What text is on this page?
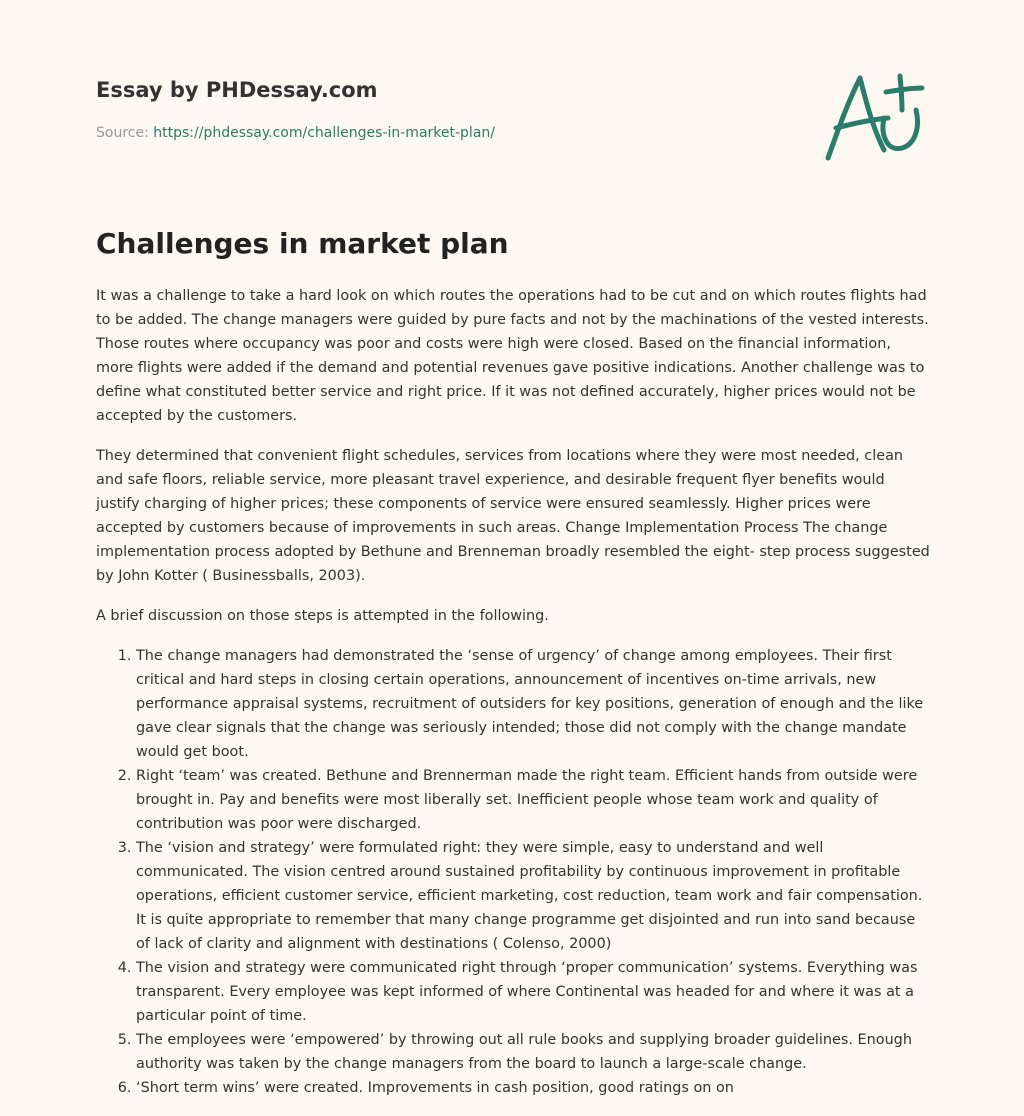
Essay by PHDessay.com
Source: https://phdessay.com/challenges-in-market-plan/
Challenges in market plan

It was a challenge to take a hard look on which routes the operations had to be cut and on which routes flights had to be added. The change managers were guided by pure facts and not by the machinations of the vested interests. Those routes where occupancy was poor and costs were high were closed. Based on the financial information, more flights were added if the demand and potential revenues gave positive indications. Another challenge was to define what constituted better service and right price. If it was not defined accurately, higher prices would not be accepted by the customers.

They determined that convenient flight schedules, services from locations where they were most needed, clean and safe floors, reliable service, more pleasant travel experience, and desirable frequent flyer benefits would justify charging of higher prices; these components of service were ensured seamlessly. Higher prices were accepted by customers because of improvements in such areas. Change Implementation Process The change implementation process adopted by Bethune and Brenneman broadly resembled the eight- step process suggested by John Kotter ( Businessballs, 2003).

A brief discussion on those steps is attempted in the following.

1. The change managers had demonstrated the ‘sense of urgency’ of change among employees. Their first critical and hard steps in closing certain operations, announcement of incentives on-time arrivals, new performance appraisal systems, recruitment of outsiders for key positions, generation of enough and the like gave clear signals that the change was seriously intended; those did not comply with the change mandate would get boot.
2. Right ‘team’ was created. Bethune and Brennerman made the right team. Efficient hands from outside were brought in. Pay and benefits were most liberally set. Inefficient people whose team work and quality of contribution was poor were discharged.
3. The ‘vision and strategy’ were formulated right: they were simple, easy to understand and well communicated. The vision centred around sustained profitability by continuous improvement in profitable operations, efficient customer service, efficient marketing, cost reduction, team work and fair compensation. It is quite appropriate to remember that many change programme get disjointed and run into sand because of lack of clarity and alignment with destinations ( Colenso, 2000)
4. The vision and strategy were communicated right through ‘proper communication’ systems. Everything was transparent. Every employee was kept informed of where Continental was headed for and where it was at a particular point of time.
5. The employees were ‘empowered’ by throwing out all rule books and supplying broader guidelines. Enough authority was taken by the change managers from the board to launch a large-scale change.
6. ‘Short term wins’ were created. Improvements in cash position, good ratings on on
